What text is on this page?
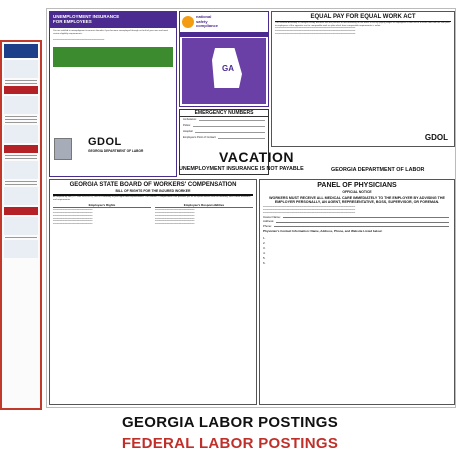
UNEMPLOYMENT INSURANCE
FOR EMPLOYEES
You are entitled to unemployment insurance benefits if you become unemployed through no fault of your own and meet certain eligibility requirements.
━━━━━━━━━━━━━━━━━━━━━━━━━━━━━━━━━━━━━━━
GDOL
GEORGIA DEPARTMENT OF LABOR
national
safety
compliance
GA
EQUAL PAY FOR EQUAL WORK ACT
The General Assembly of Georgia hereby declares that the practice of discriminating on the basis of sex by paying wages to employees of one sex at a lesser rate than the rate paid to employees of the opposite sex for comparable work on jobs which have comparable requirements is unfair.
━━━━━━━━━━━━━━━━━━━━━━━━━━━━━━━━━━━━━━━━━━━━━━━━━━━━━━━━━━━━━
━━━━━━━━━━━━━━━━━━━━━━━━━━━━━━━━━━━━━━━━━━━━━━━━━━━━━━━━━━━━━
━━━━━━━━━━━━━━━━━━━━━━━━━━━━━━━━━━━━━━━━━━━━━━━━━━━━━━━━━━━━━
GDOL
EMERGENCY NUMBERS
Ambulance:
Police:
Hospital:
Employee's Point of Contact:
VACATION
UNEMPLOYMENT INSURANCE IS NOT PAYABLE	GEORGIA DEPARTMENT OF LABOR
GEORGIA STATE BOARD OF WORKERS' COMPENSATION
BILL OF RIGHTS FOR THE INJURED WORKER
As required by law (O.C.G.A. §34-9-81.1), this is a summary of your rights and responsibilities. The Workers' Compensation Law provides you as an injured worker with the following, with certain limitations and requirements.
Employee's Rights
━━━━━━━━━━━━━━━━━━━━━━━━━━━━━━
━━━━━━━━━━━━━━━━━━━━━━━━━━━━━━
━━━━━━━━━━━━━━━━━━━━━━━━━━━━━━
━━━━━━━━━━━━━━━━━━━━━━━━━━━━━━
━━━━━━━━━━━━━━━━━━━━━━━━━━━━━━
━━━━━━━━━━━━━━━━━━━━━━━━━━━━━━
Employee's Responsibilities
━━━━━━━━━━━━━━━━━━━━━━━━━━━━━━
━━━━━━━━━━━━━━━━━━━━━━━━━━━━━━
━━━━━━━━━━━━━━━━━━━━━━━━━━━━━━
━━━━━━━━━━━━━━━━━━━━━━━━━━━━━━
━━━━━━━━━━━━━━━━━━━━━━━━━━━━━━
━━━━━━━━━━━━━━━━━━━━━━━━━━━━━━
PANEL OF PHYSICIANS
OFFICIAL NOTICE
WORKERS MUST RECEIVE ALL MEDICAL CARE IMMEDIATELY TO THE EMPLOYER BY ADVISING THE EMPLOYER PERSONALLY, AN AGENT, REPRESENTATIVE, BOSS, SUPERVISOR, OR FOREMAN.
━━━━━━━━━━━━━━━━━━━━━━━━━━━━━━━━━━━━━━━━━━━━━━━━━━━━━━━━━━━━━━━━━━━━━━
━━━━━━━━━━━━━━━━━━━━━━━━━━━━━━━━━━━━━━━━━━━━━━━━━━━━━━━━━━━━━━━━━━━━━━
━━━━━━━━━━━━━━━━━━━━━━━━━━━━━━━━━━━━━━━━━━━━━━━━━━━━━━━━━━━━━━━━━━━━━━
Insurer Name:
Address:
Phone:
Physician's Contact Information: Name, Address, Phone, and Website Listed below:
1.
2.
3.
4.
5.
6.
GEORGIA LABOR POSTINGS
FEDERAL LABOR POSTINGS
